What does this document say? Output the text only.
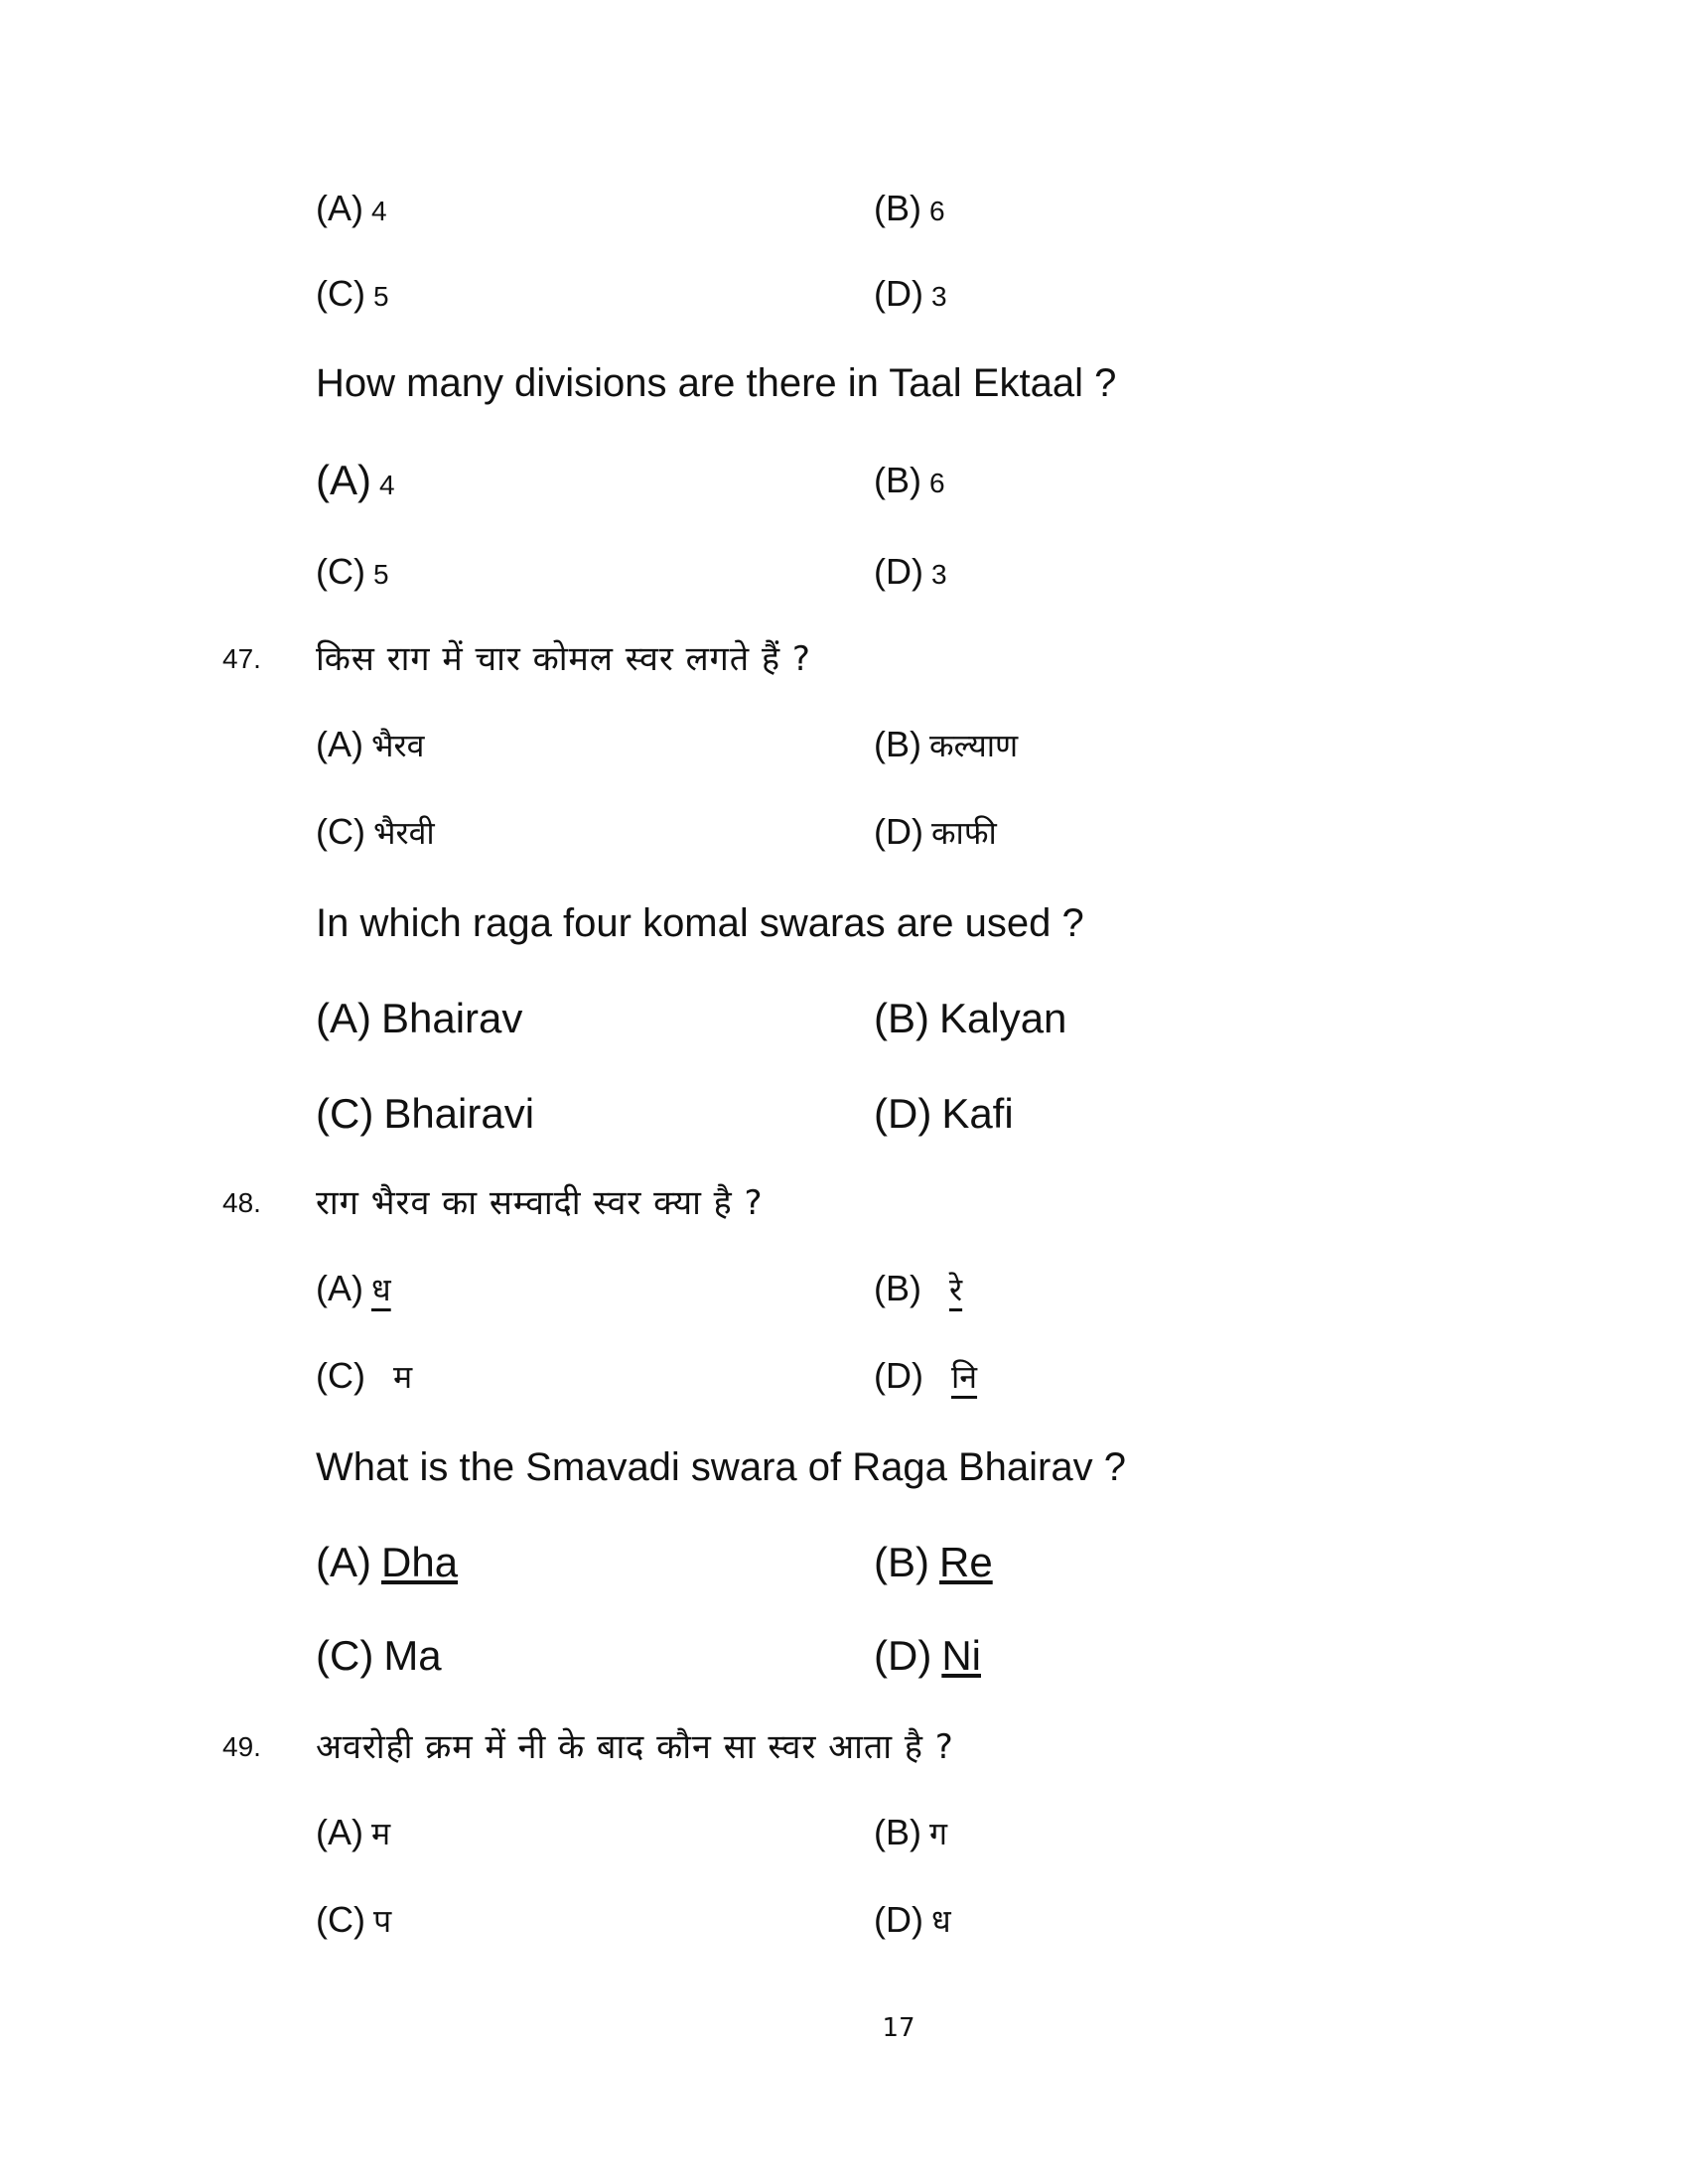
(A) 4	(B) 6
(C) 5	(D) 3
How many divisions are there in Taal Ektaal ?
(A) 4	(B) 6
(C) 5	(D) 3
47. किस राग में चार कोमल स्वर लगते हैं ?
(A) भैरव	(B) कल्याण
(C) भैरवी	(D) काफी
In which raga four komal swaras are used ?
(A) Bhairav	(B) Kalyan
(C) Bhairavi	(D) Kafi
48. राग भैरव का सम्वादी स्वर क्या है ?
(A) ध	(B) रे
(C) म	(D) नि
What is the Smavadi swara of Raga Bhairav ?
(A) Dha	(B) Re
(C) Ma	(D) Ni
49. अवरोही क्रम में नी के बाद कौन सा स्वर आता है ?
(A) म	(B) ग
(C) प	(D) ध
17
